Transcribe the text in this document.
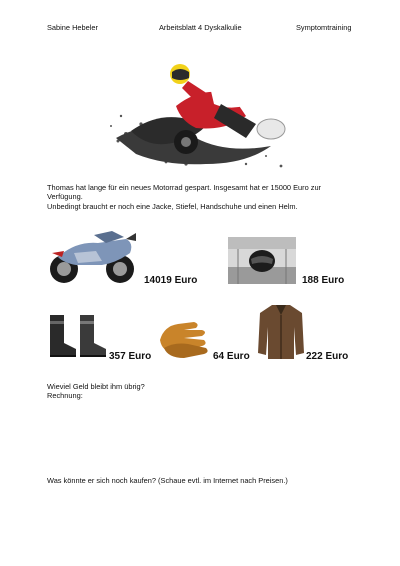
Sabine Hebeler	Arbeitsblatt 4 Dyskalkulie	Symptomtraining
Thomas hat lange für ein neues Motorrad gespart. Insgesamt hat er 15000 Euro zur
Verfügung.
Unbedingt braucht er noch eine Jacke, Stiefel, Handschuhe und einen Helm.
14019 Euro	188 Euro
357 Euro	64 Euro	222 Euro
Wieviel Geld bleibt ihm übrig?
Rechnung:
Was könnte er sich noch kaufen? (Schaue evtl. im Internet nach Preisen.)
